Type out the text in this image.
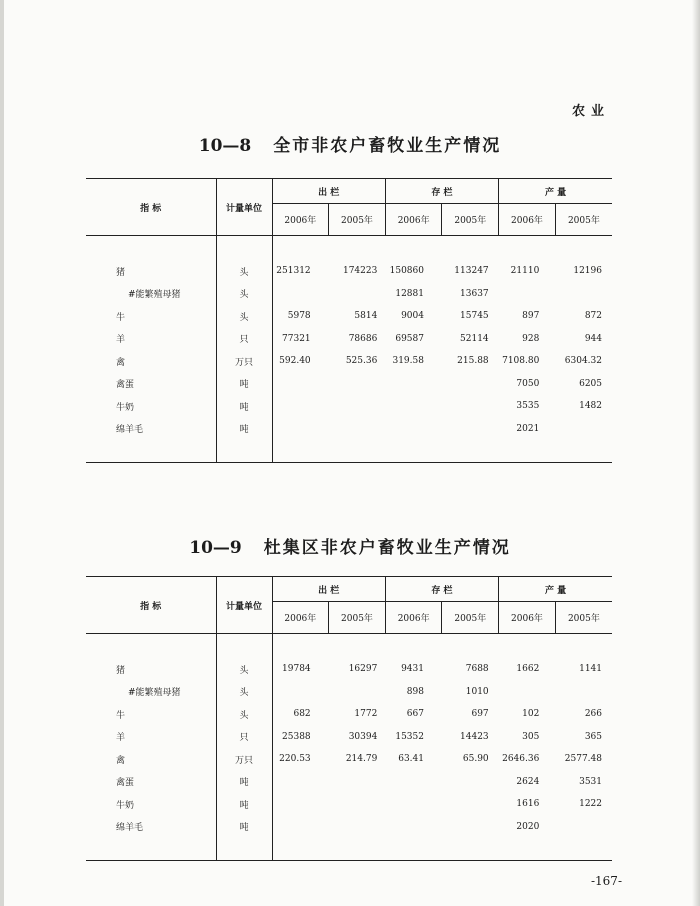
农业
10—8 全市非农户畜牧业生产情况
指 标	计量单位	出 栏		存 栏		产 量	
		2006年	2005年	2006年	2005年	2006年	2005年

猪	头	251312	174223	150860	113247	21110	12196
#能繁殖母猪	头			12881	13637		
牛	头	5978	5814	9004	15745	897	872
羊	只	77321	78686	69587	52114	928	944
禽	万只	592.40	525.36	319.58	215.88	7108.80	6304.32
禽蛋	吨					7050	6205
牛奶	吨					3535	1482
绵羊毛	吨					2021	

10—9 杜集区非农户畜牧业生产情况
指 标	计量单位	出 栏		存 栏		产 量	
		2006年	2005年	2006年	2005年	2006年	2005年

猪	头	19784	16297	9431	7688	1662	1141
#能繁殖母猪	头			898	1010		
牛	头	682	1772	667	697	102	266
羊	只	25388	30394	15352	14423	305	365
禽	万只	220.53	214.79	63.41	65.90	2646.36	2577.48
禽蛋	吨					2624	3531
牛奶	吨					1616	1222
绵羊毛	吨					2020	

-167-
